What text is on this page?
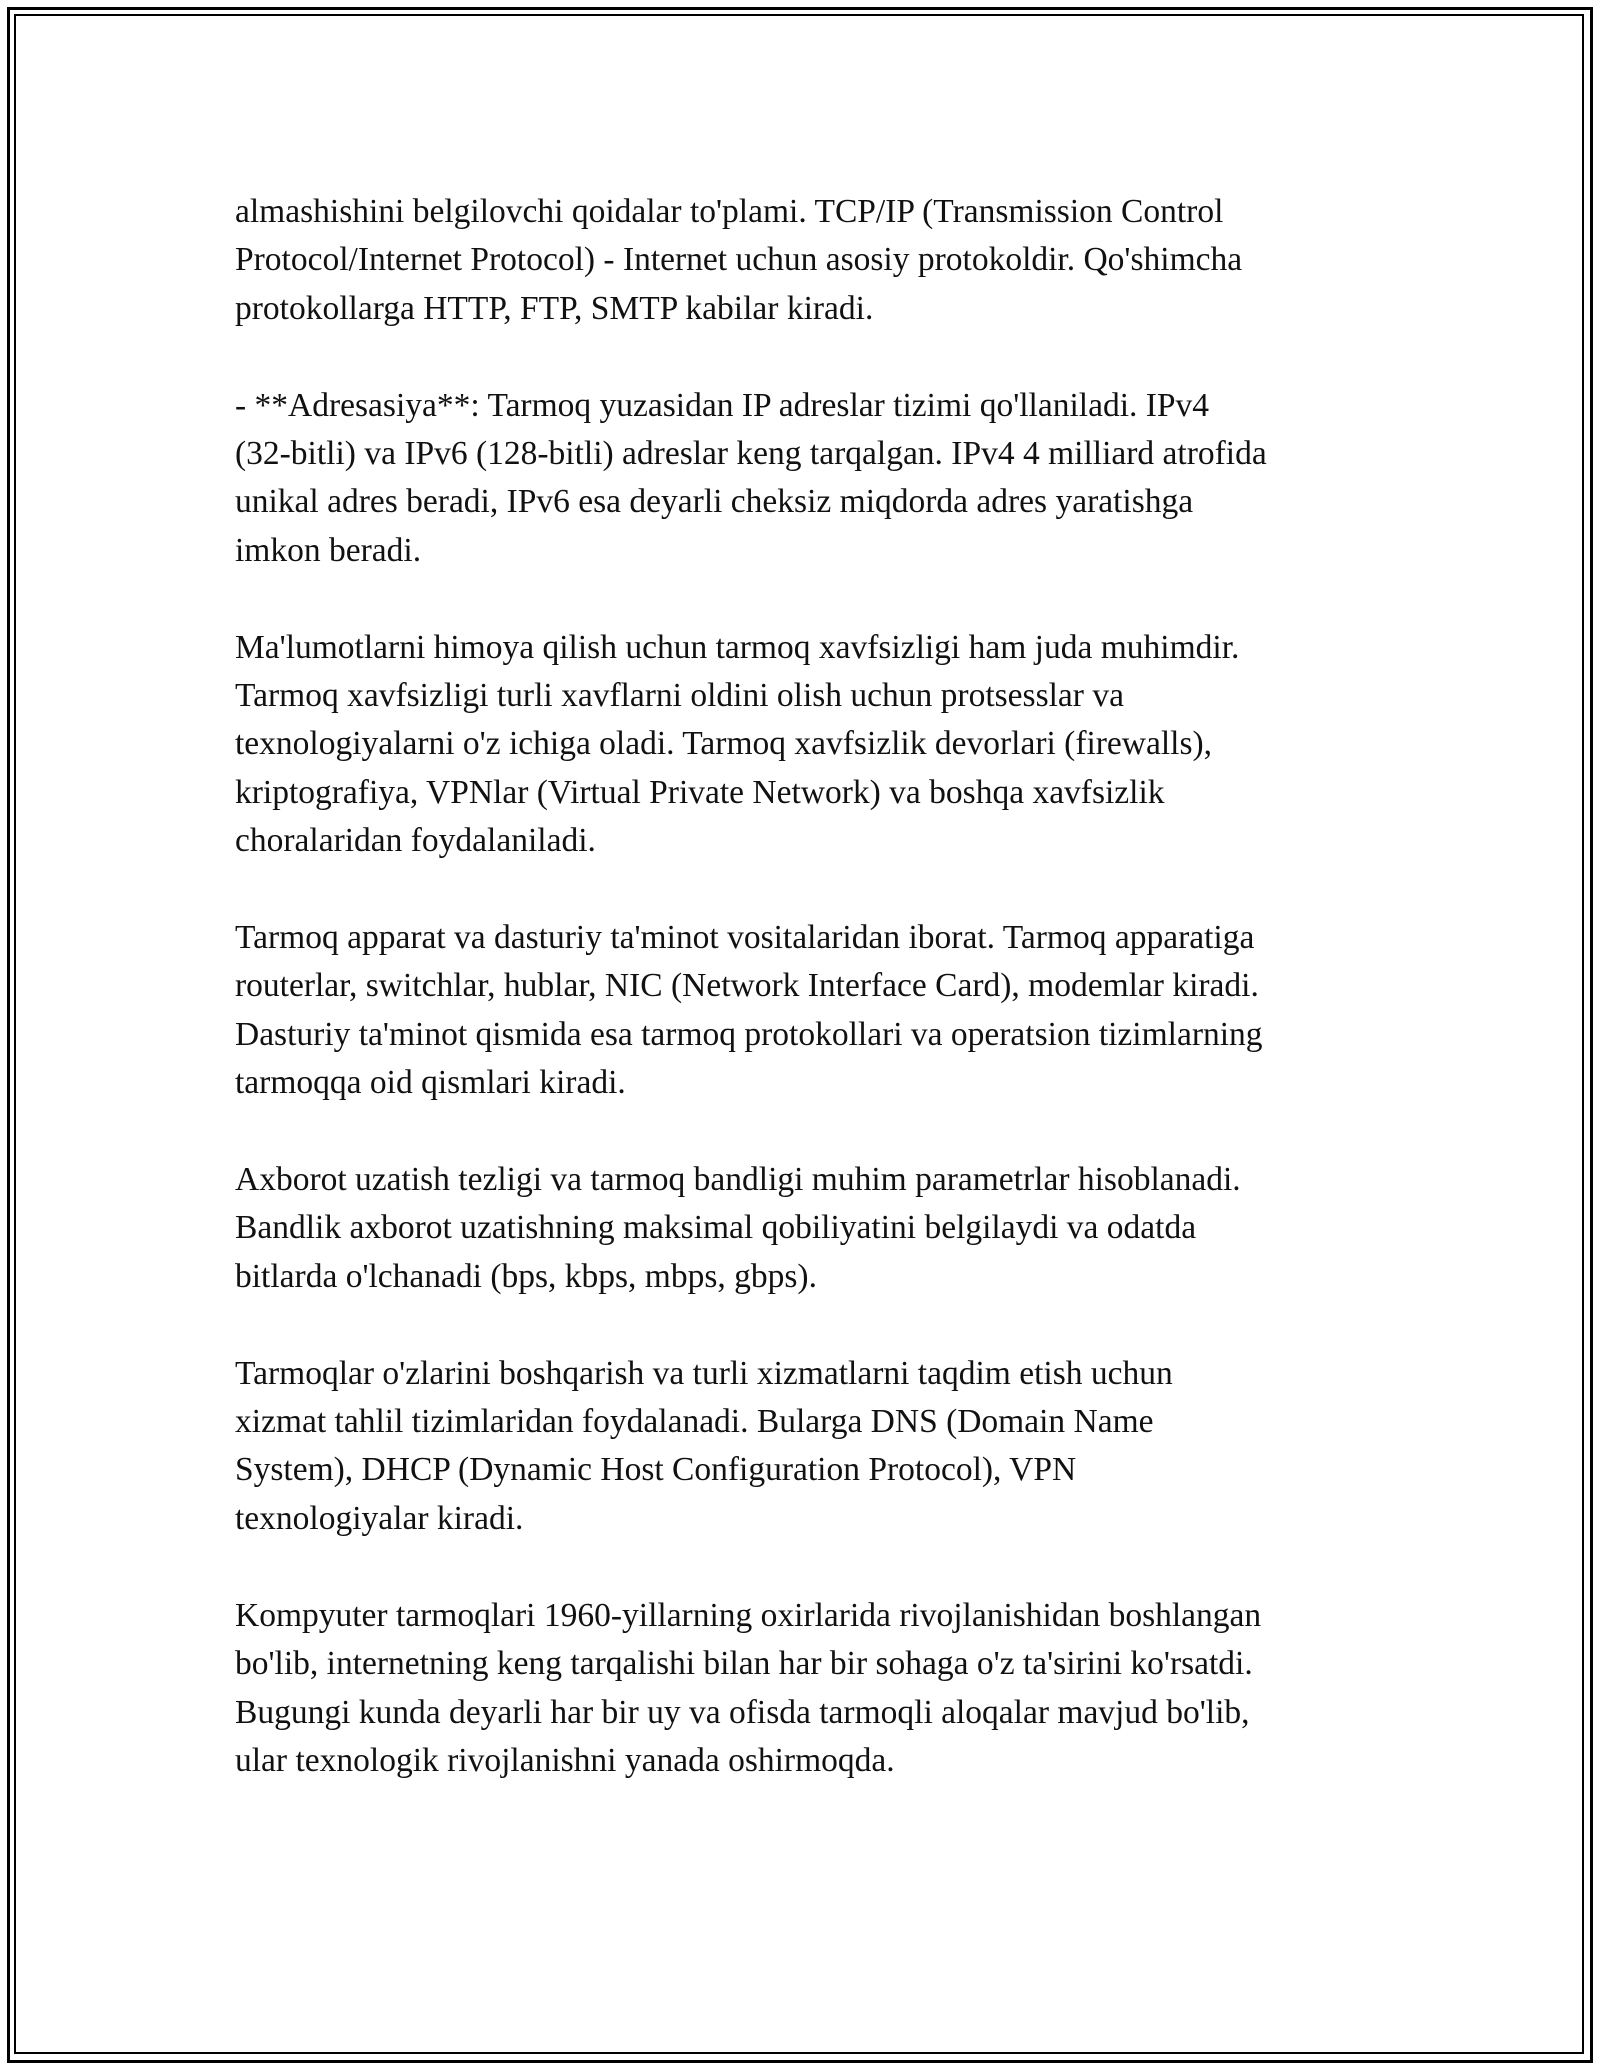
almashishini belgilovchi qoidalar to'plami. TCP/IP (Transmission Control
Protocol/Internet Protocol) - Internet uchun asosiy protokoldir. Qo'shimcha
protokollarga HTTP, FTP, SMTP kabilar kiradi.

- **Adresasiya**: Tarmoq yuzasidan IP adreslar tizimi qo'llaniladi. IPv4
(32-bitli) va IPv6 (128-bitli) adreslar keng tarqalgan. IPv4 4 milliard atrofida
unikal adres beradi, IPv6 esa deyarli cheksiz miqdorda adres yaratishga
imkon beradi.

Ma'lumotlarni himoya qilish uchun tarmoq xavfsizligi ham juda muhimdir.
Tarmoq xavfsizligi turli xavflarni oldini olish uchun protsesslar va
texnologiyalarni o'z ichiga oladi. Tarmoq xavfsizlik devorlari (firewalls),
kriptografiya, VPNlar (Virtual Private Network) va boshqa xavfsizlik
choralaridan foydalaniladi.

Tarmoq apparat va dasturiy ta'minot vositalaridan iborat. Tarmoq apparatiga
routerlar, switchlar, hublar, NIC (Network Interface Card), modemlar kiradi.
Dasturiy ta'minot qismida esa tarmoq protokollari va operatsion tizimlarning
tarmoqqa oid qismlari kiradi.

Axborot uzatish tezligi va tarmoq bandligi muhim parametrlar hisoblanadi.
Bandlik axborot uzatishning maksimal qobiliyatini belgilaydi va odatda
bitlarda o'lchanadi (bps, kbps, mbps, gbps).

Tarmoqlar o'zlarini boshqarish va turli xizmatlarni taqdim etish uchun
xizmat tahlil tizimlaridan foydalanadi. Bularga DNS (Domain Name
System), DHCP (Dynamic Host Configuration Protocol), VPN
texnologiyalar kiradi.

Kompyuter tarmoqlari 1960-yillarning oxirlarida rivojlanishidan boshlangan
bo'lib, internetning keng tarqalishi bilan har bir sohaga o'z ta'sirini ko'rsatdi.
Bugungi kunda deyarli har bir uy va ofisda tarmoqli aloqalar mavjud bo'lib,
ular texnologik rivojlanishni yanada oshirmoqda.
